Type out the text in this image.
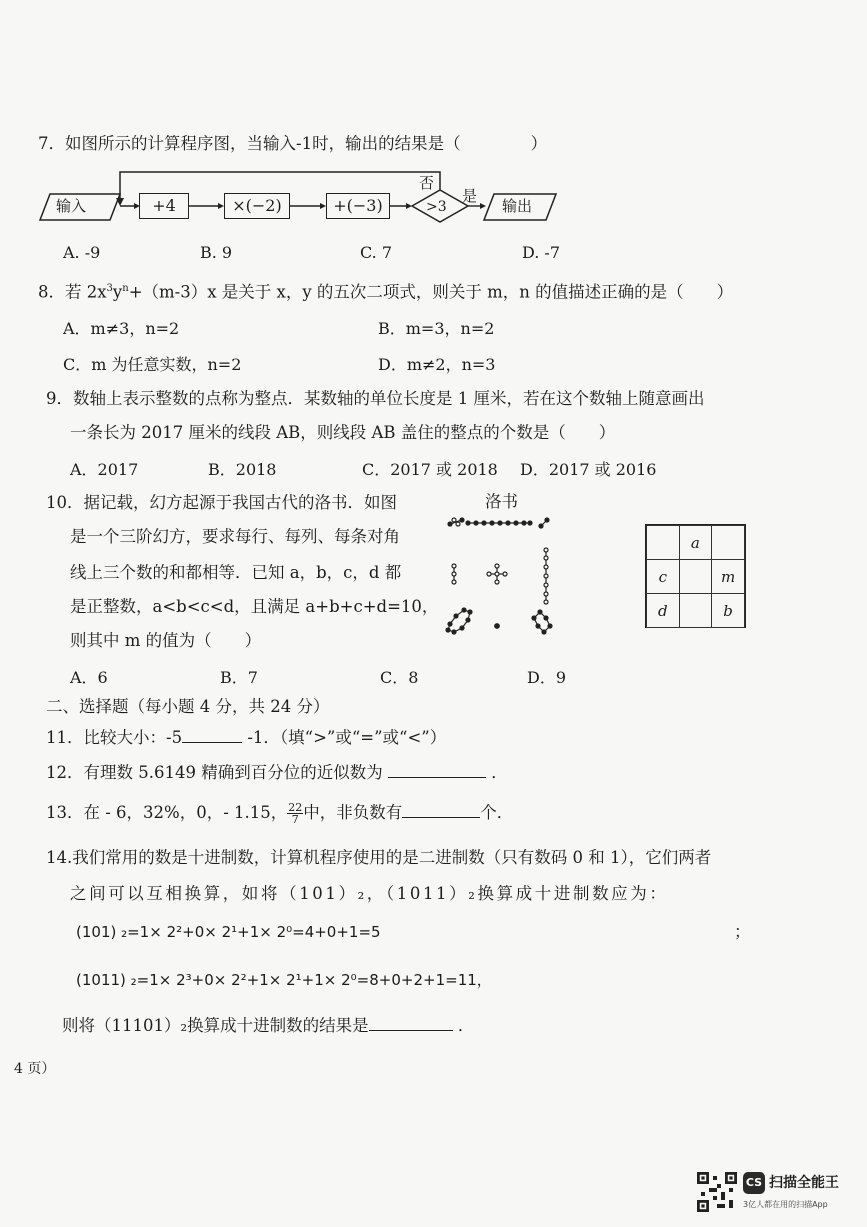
7．如图所示的计算程序图，当输入-1时，输出的结果是（	）
输入	+4	×(−2)	+(−3)	>3
否
是
输出
A. -9	B. 9	C. 7	D. -7
8．若 $2x^3y^n+(m-3)x$ 是关于 x，y 的五次二项式，则关于 m，n 的值描述正确的是（　　）
A．m≠3，n=2	B．m=3，n=2
C．m 为任意实数，n=2	D．m≠2，n=3
9．数轴上表示整数的点称为整点．某数轴的单位长度是 1 厘米，若在这个数轴上随意画出
一条长为 2017 厘米的线段 AB，则线段 AB 盖住的整点的个数是（　　）
A．2017	B．2018	C．2017 或 2018 D．2017 或 2016
10．据记载，幻方起源于我国古代的洛书．如图
是一个三阶幻方，要求每行、每列、每条对角
线上三个数的和都相等．已知 a，b，c，d 都
是正整数，a<b<c<d，且满足 a+b+c+d=10，
则其中 m 的值为（　　）
洛书
	a	
c		m
d		b
A．6	B．7	C．8	D．9
二、选择题（每小题 4 分，共 24 分）
11．比较大小：-5	-1．（填“>”或“=”或“<”）
12．有理数 5.6149 精确到百分位的近似数为	．
13．在 - 6，32%，0，- 1.15， $\frac{22}{7}$中，非负数有	个．
14.我们常用的数是十进制数，计算机程序使用的是二进制数（只有数码 0 和 1），它们两者
之间可以互相换算，如将（101）₂，（1011）₂换算成十进制数应为：
(101) ₂=1× 2²+0× 2¹+1× 2⁰=4+0+1=5	；
(1011) ₂=1× 2³+0× 2²+1× 2¹+1× 2⁰=8+0+2+1=11，
则将（11101）₂换算成十进制数的结果是	．
4 页）
CS 扫描全能王
3亿人都在用的扫描App
